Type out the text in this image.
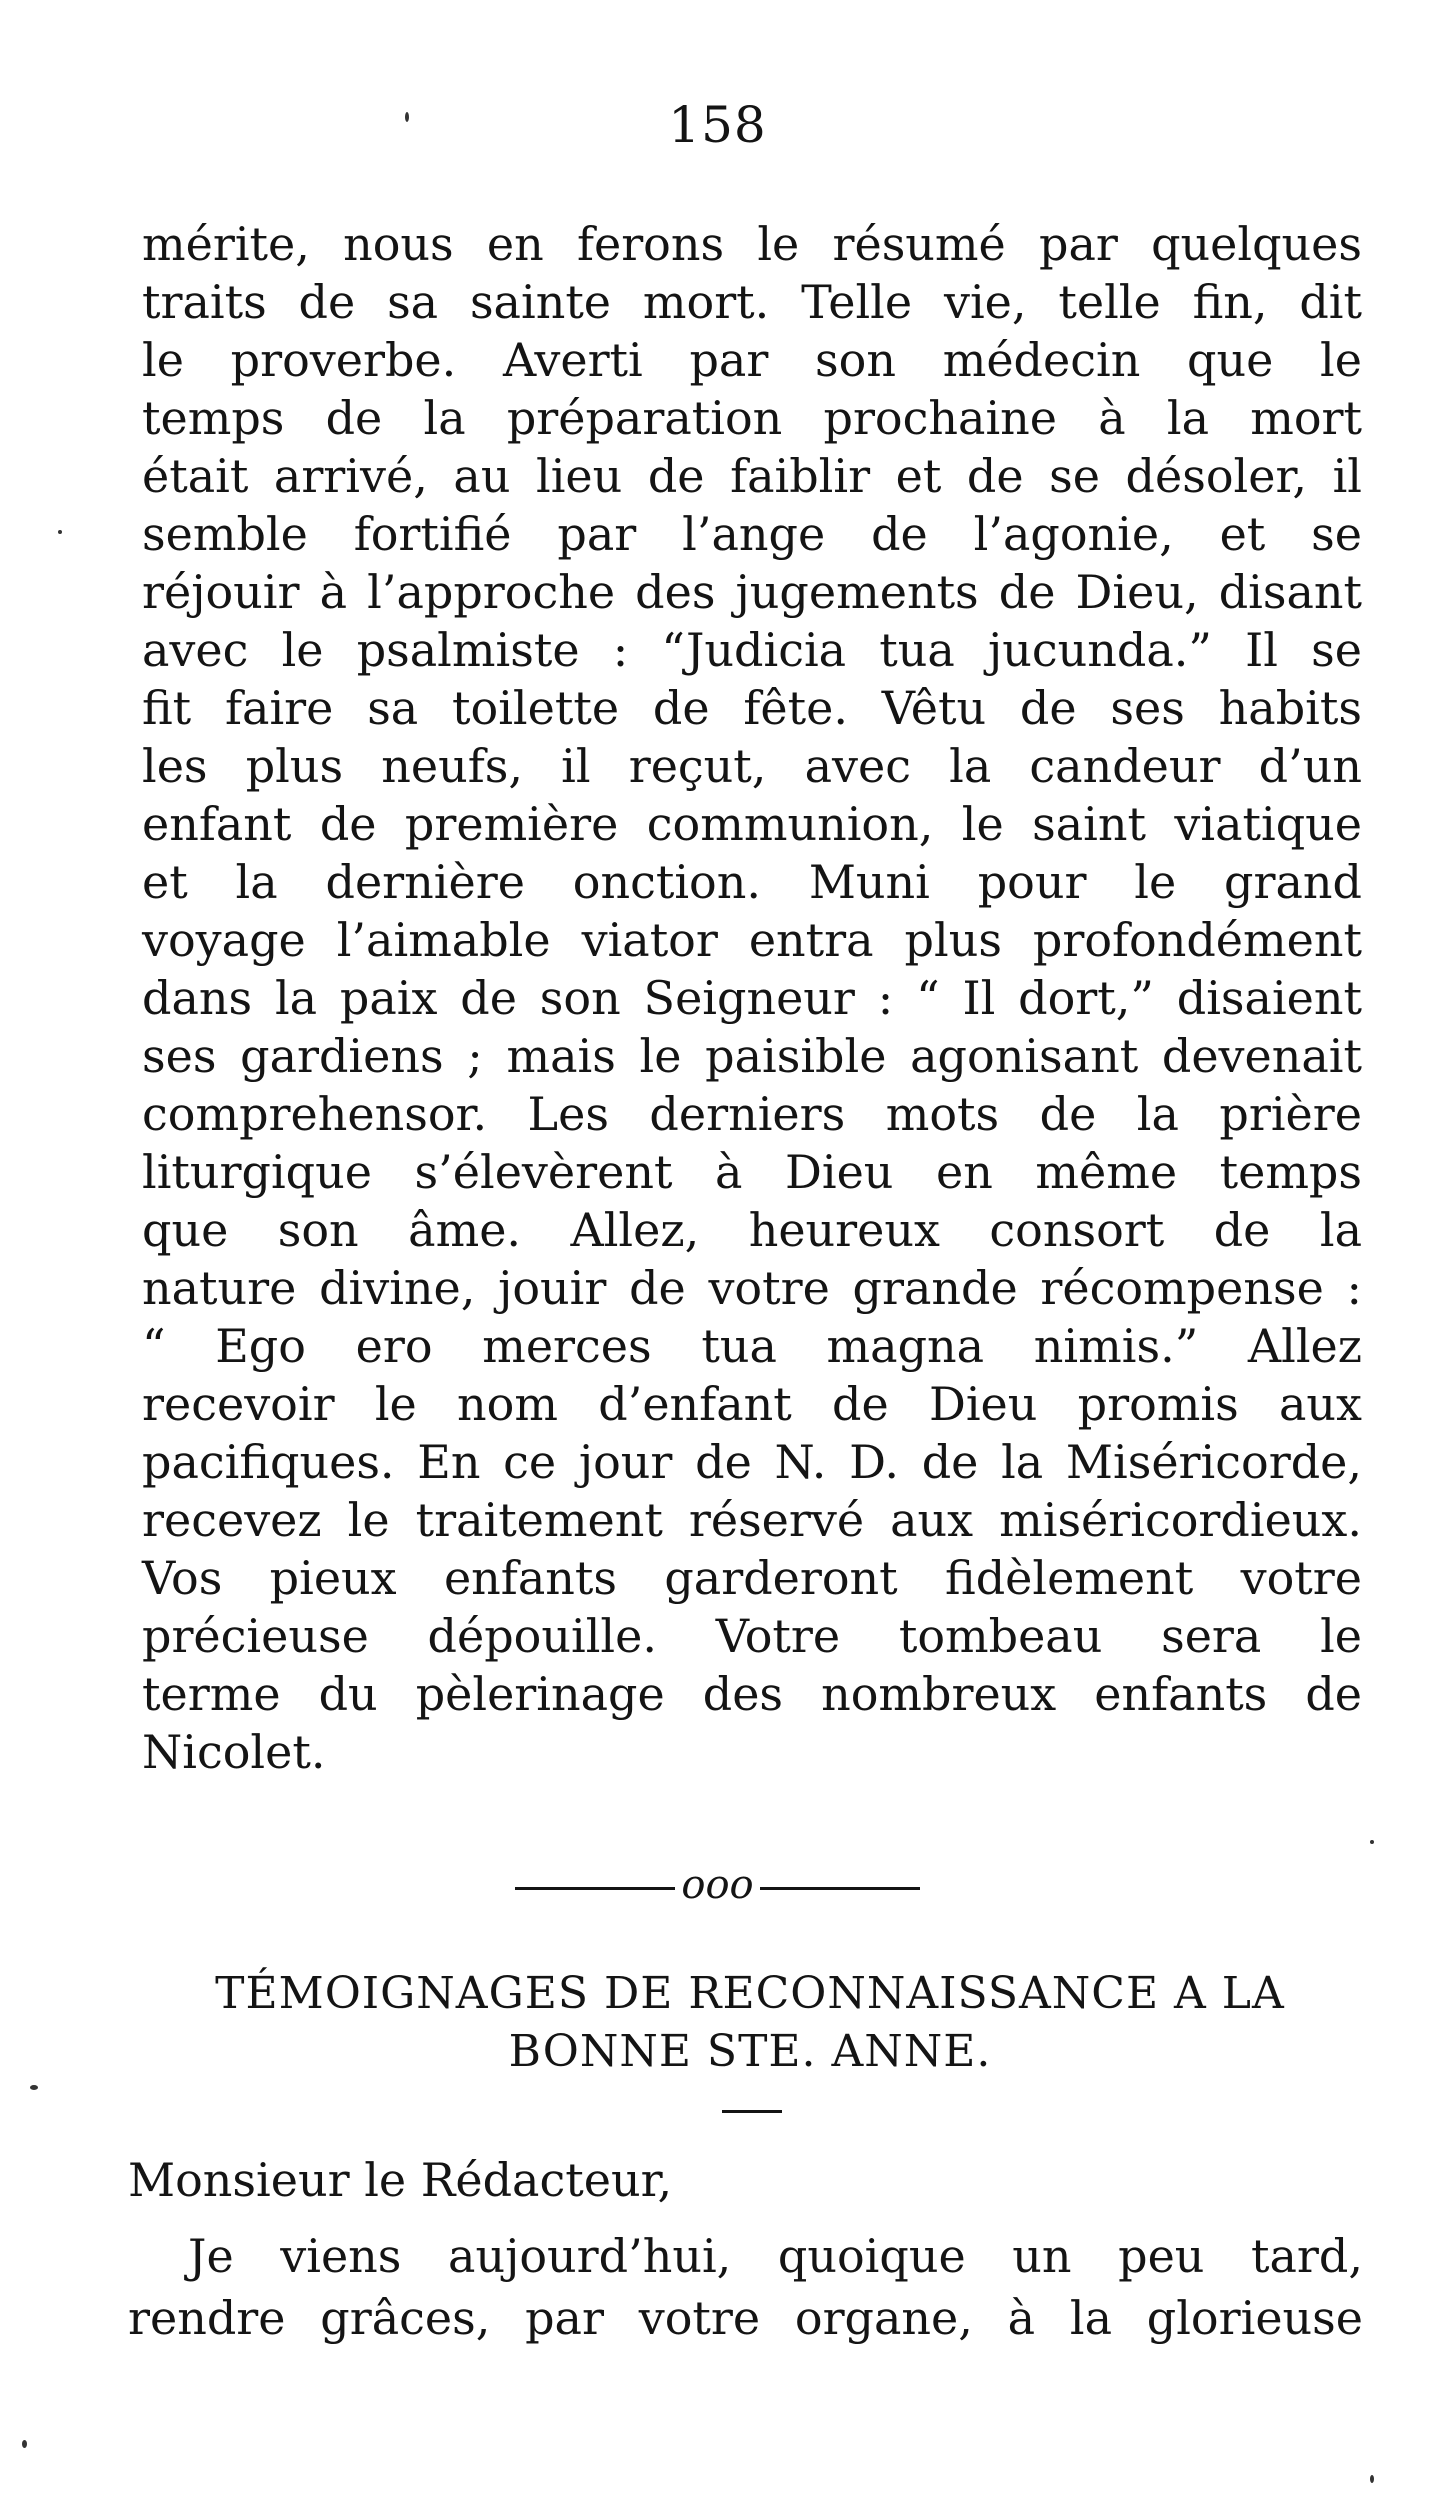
158
mérite, nous en ferons le résumé par quelques
traits de sa sainte mort. Telle vie, telle fin, dit
le proverbe. Averti par son médecin que le
temps de la préparation prochaine à la mort
était arrivé, au lieu de faiblir et de se désoler, il
semble fortifié par l’ange de l’agonie, et se
réjouir à l’approche des jugements de Dieu, disant
avec le psalmiste : “Judicia tua jucunda.” Il se
fit faire sa toilette de fête. Vêtu de ses habits
les plus neufs, il reçut, avec la candeur d’un
enfant de première communion, le saint viatique
et la dernière onction. Muni pour le grand
voyage l’aimable viator entra plus profondément
dans la paix de son Seigneur : “ Il dort,” disaient
ses gardiens ; mais le paisible agonisant devenait
comprehensor. Les derniers mots de la prière
liturgique s’élevèrent à Dieu en même temps
que son âme. Allez, heureux consort de la
nature divine, jouir de votre grande récompense :
“ Ego ero merces tua magna nimis.” Allez
recevoir le nom d’enfant de Dieu promis aux
pacifiques. En ce jour de N. D. de la Miséricorde,
recevez le traitement réservé aux miséricordieux.
Vos pieux enfants garderont fidèlement votre
précieuse dépouille. Votre tombeau sera le
terme du pèlerinage des nombreux enfants de
Nicolet.
ooo
TÉMOIGNAGES DE RECONNAISSANCE A LA
BONNE STE. ANNE.
Monsieur le Rédacteur,
Je viens aujourd’hui, quoique un peu tard,
rendre grâces, par votre organe, à la glorieuse
